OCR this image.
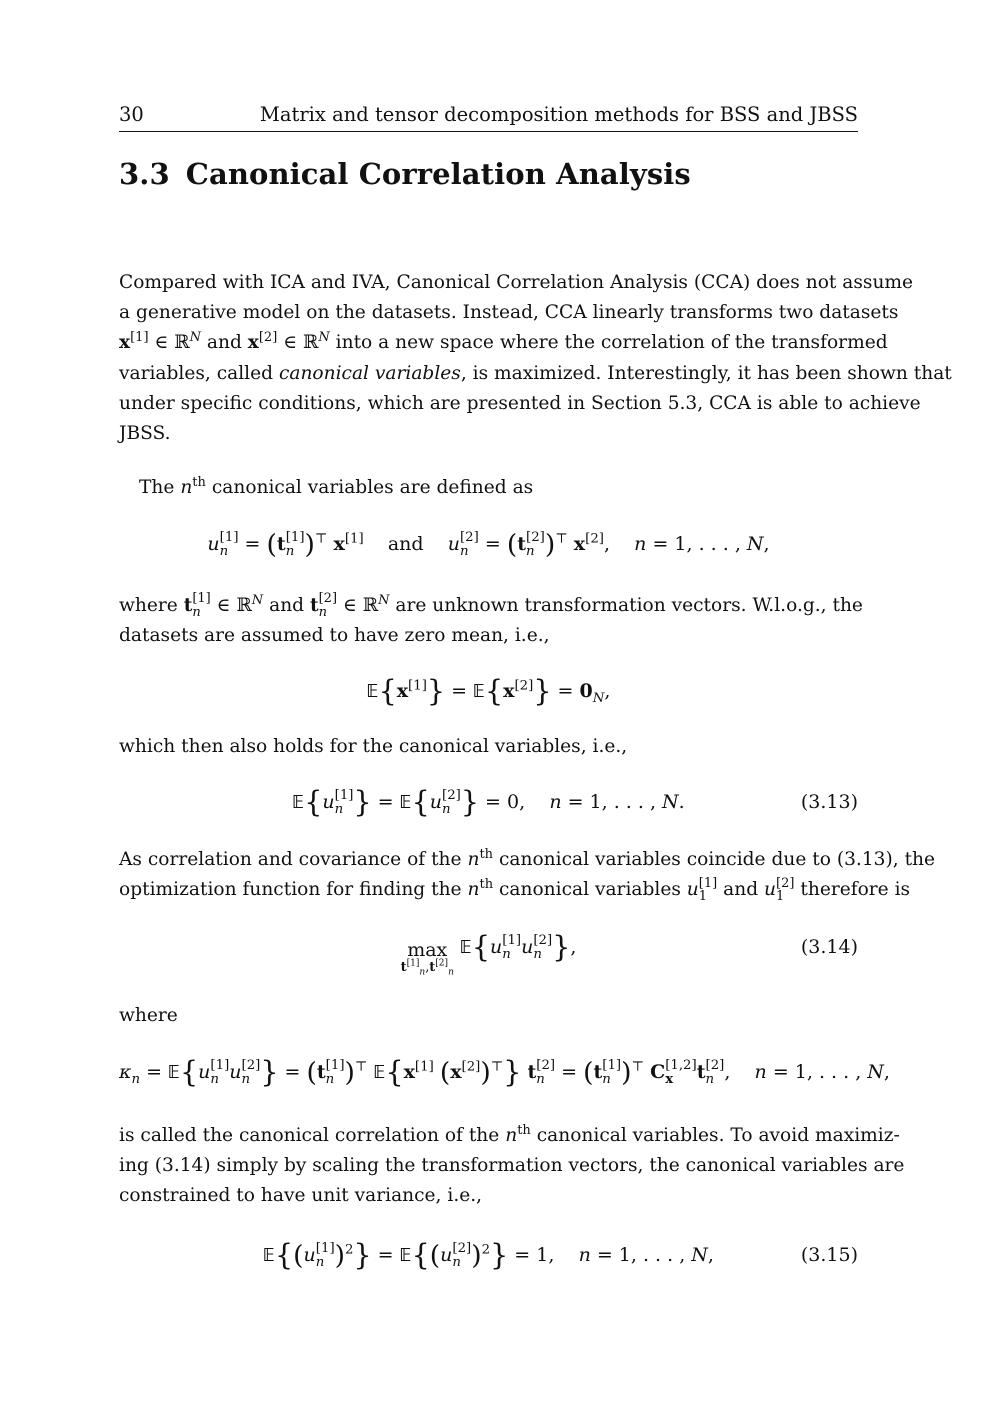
30	Matrix and tensor decomposition methods for BSS and JBSS
3.3 Canonical Correlation Analysis
Compared with ICA and IVA, Canonical Correlation Analysis (CCA) does not assume
a generative model on the datasets. Instead, CCA linearly transforms two datasets
x[1] ∈ ℝ$^N$ and x[2] ∈ ℝ$^N$ into a new space where the correlation of the transformed
variables, called canonical variables, is maximized. Interestingly, it has been shown that
under specific conditions, which are presented in Section 5.3, CCA is able to achieve
JBSS.
The $n^{th}$ canonical variables are defined as
u [1]
n = (t [1]
n )⊤ x[1] and u [2]
n = (t [2]
n )⊤ x[2],    n = 1, . . . , N,
where t [1]
n ∈ ℝ$^N$ and t [2]
n ∈ ℝ$^N$ are unknown transformation vectors. W.l.o.g., the
datasets are assumed to have zero mean, i.e.,
𝔼{x[1]} = 𝔼{x[2]} = $0_N$,
which then also holds for the canonical variables, i.e.,
𝔼{u [1]
n } = 𝔼{u [2]
n } = 0, n = 1, . . . , N.	(3.13)
As correlation and covariance of the $n^{th}$ canonical variables coincide due to (3.13), the
optimization function for finding the $n^{th}$ canonical variables u [1]
1 and u [2]
1 therefore is
max
$t[1]_n,t[2]_n$
𝔼{u [1]
n u [2]
n },	(3.14)
where
$\kappa_n$ = 𝔼{u [1]
n u [2]
n } = (t [1]
n )⊤ 𝔼{x[1] (x[2])⊤} t [2]
n = (t [1]
n )⊤ C [1,2]
x	t [2]
n ,    n = 1, . . . , N,
is called the canonical correlation of the $n^{th}$ canonical variables. To avoid maximiz-
ing (3.14) simply by scaling the transformation vectors, the canonical variables are
constrained to have unit variance, i.e.,
𝔼{(u [1]
n )$^2$} = 𝔼{(u [2]
n )$^2$} = 1, n = 1, . . . , N,	(3.15)
